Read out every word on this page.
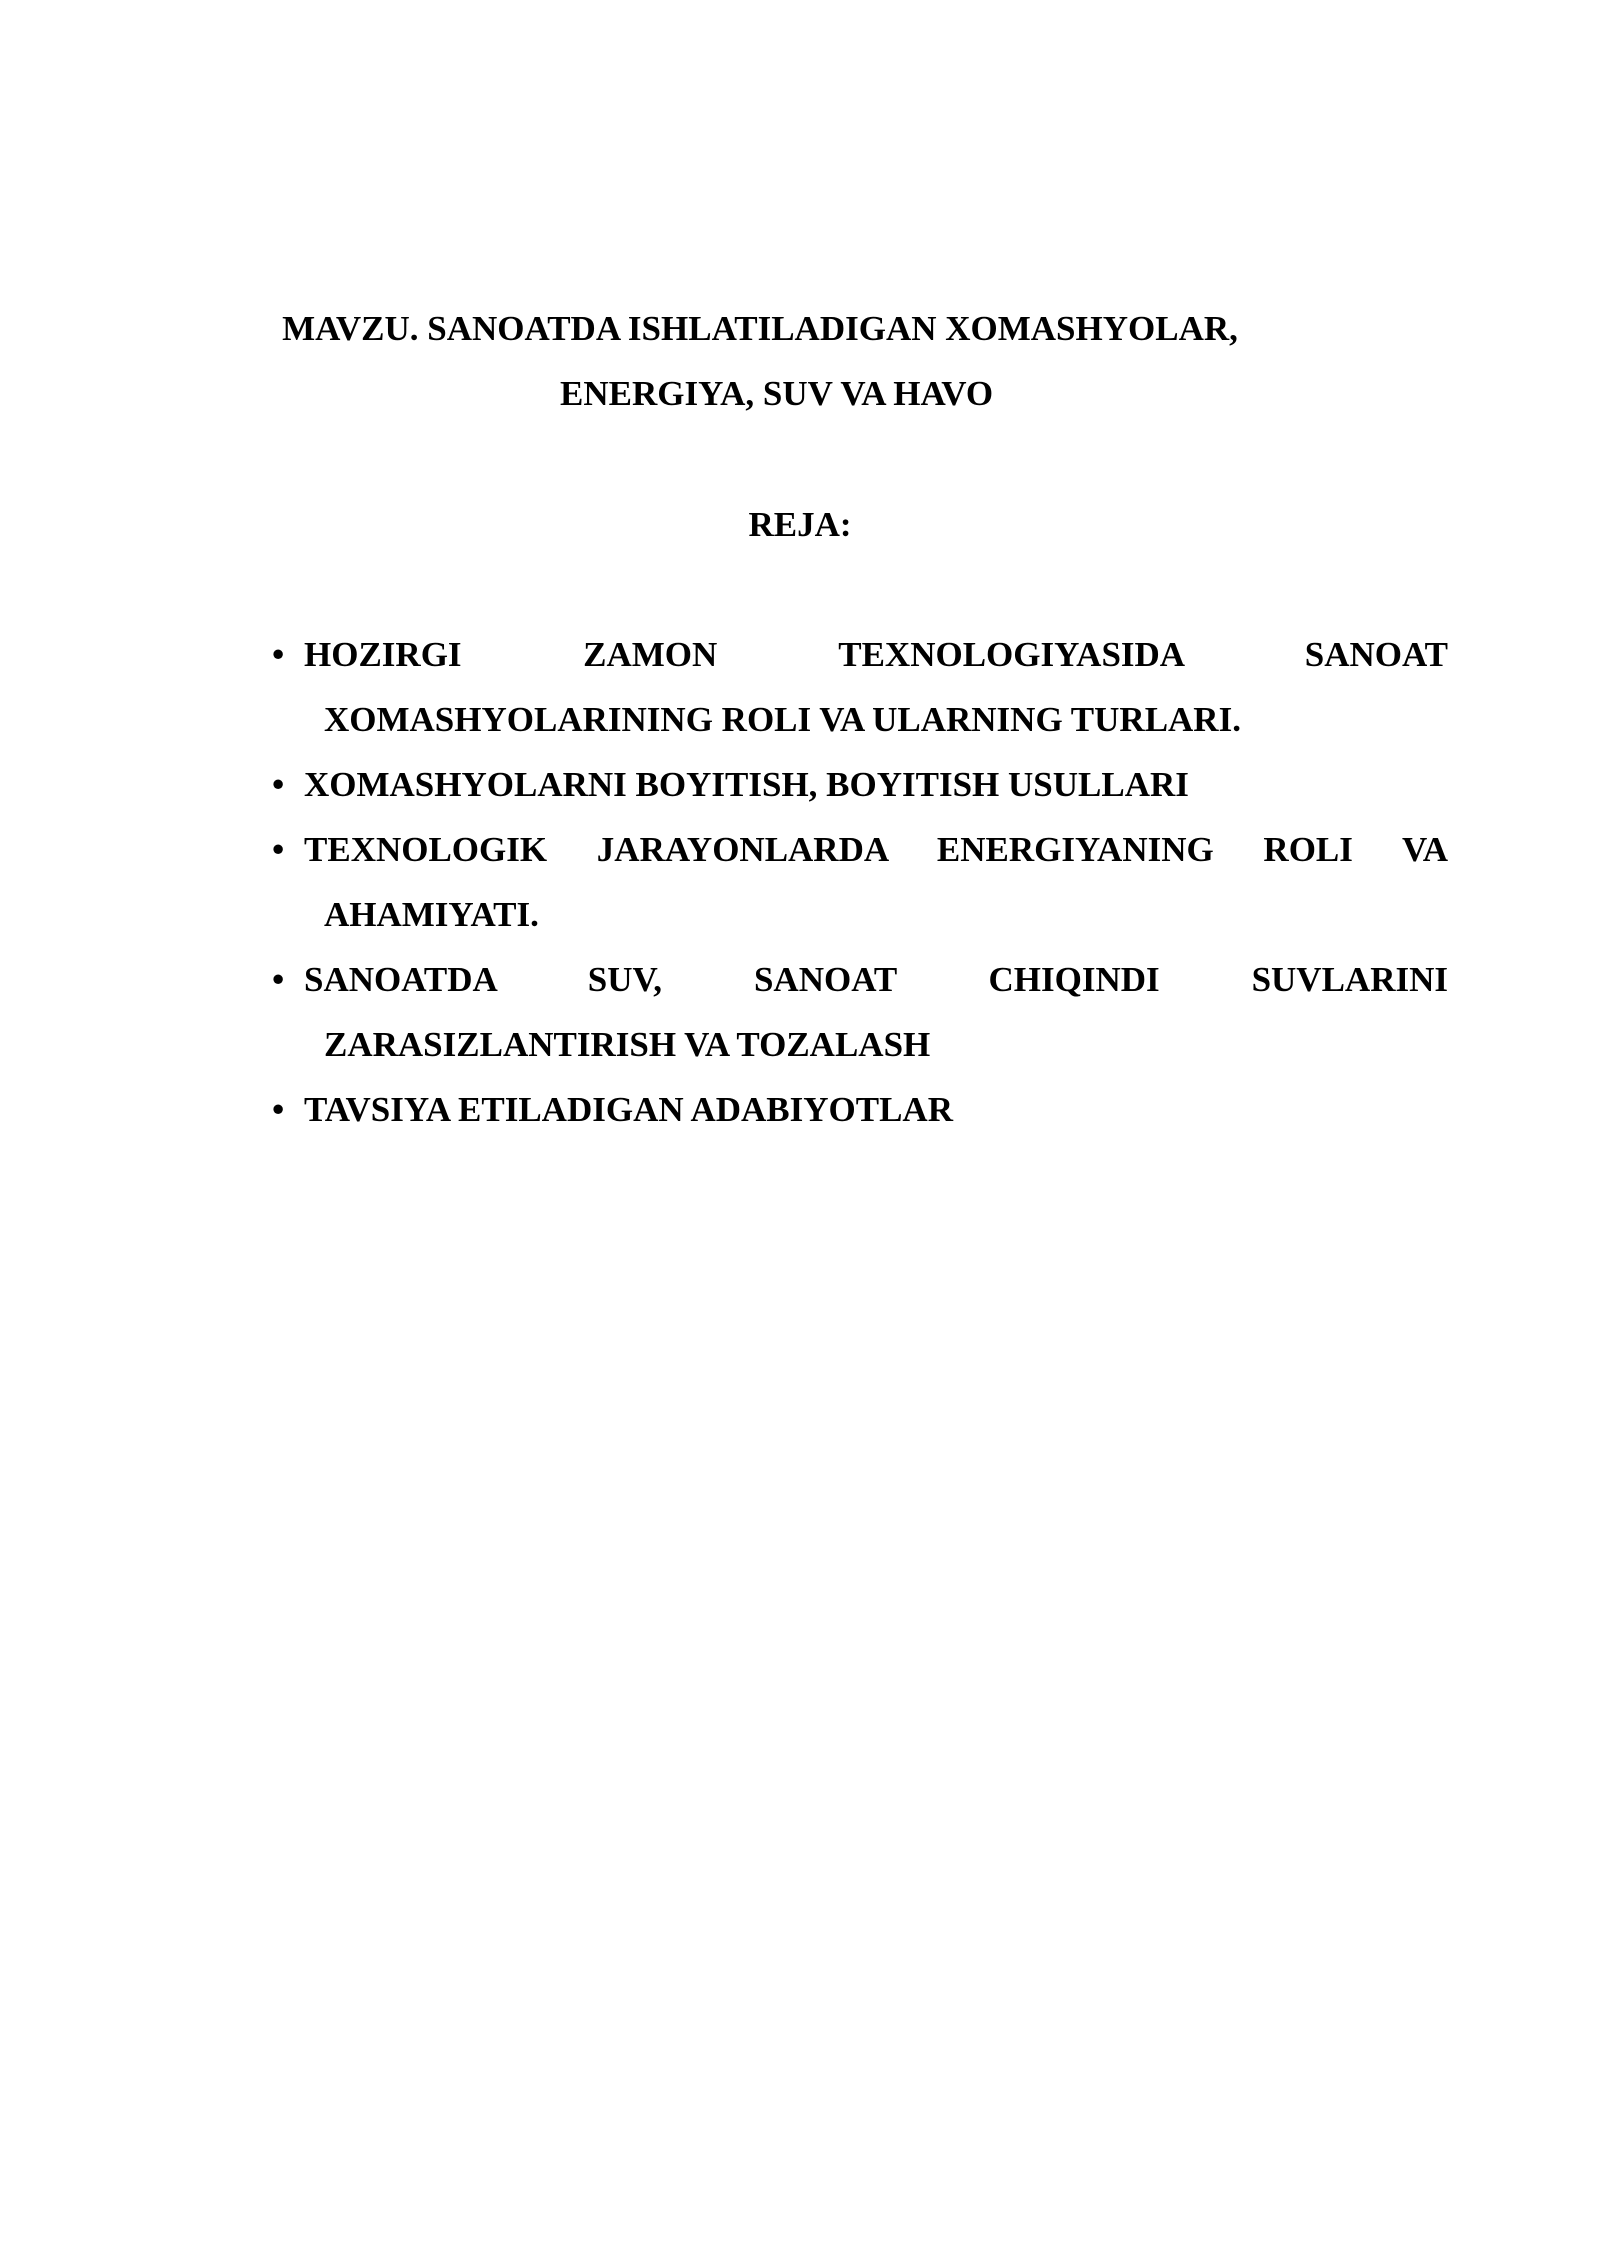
MAVZU. SANOATDA ISHLATILADIGAN XOMASHYOLAR,

ENERGIYA, SUV VA HAVO

REJA:

• HOZIRGI ZAMON TEXNOLOGIYASIDA SANOAT
XOMASHYOLARINING ROLI VA ULARNING TURLARI.
• XOMASHYOLARNI BOYITISH, BOYITISH USULLARI
• TEXNOLOGIK JARAYONLARDA ENERGIYANING ROLI VA
AHAMIYATI.
• SANOATDA SUV, SANOAT CHIQINDI SUVLARINI
ZARASIZLANTIRISH VA TOZALASH
• TAVSIYA ETILADIGAN ADABIYOTLAR
